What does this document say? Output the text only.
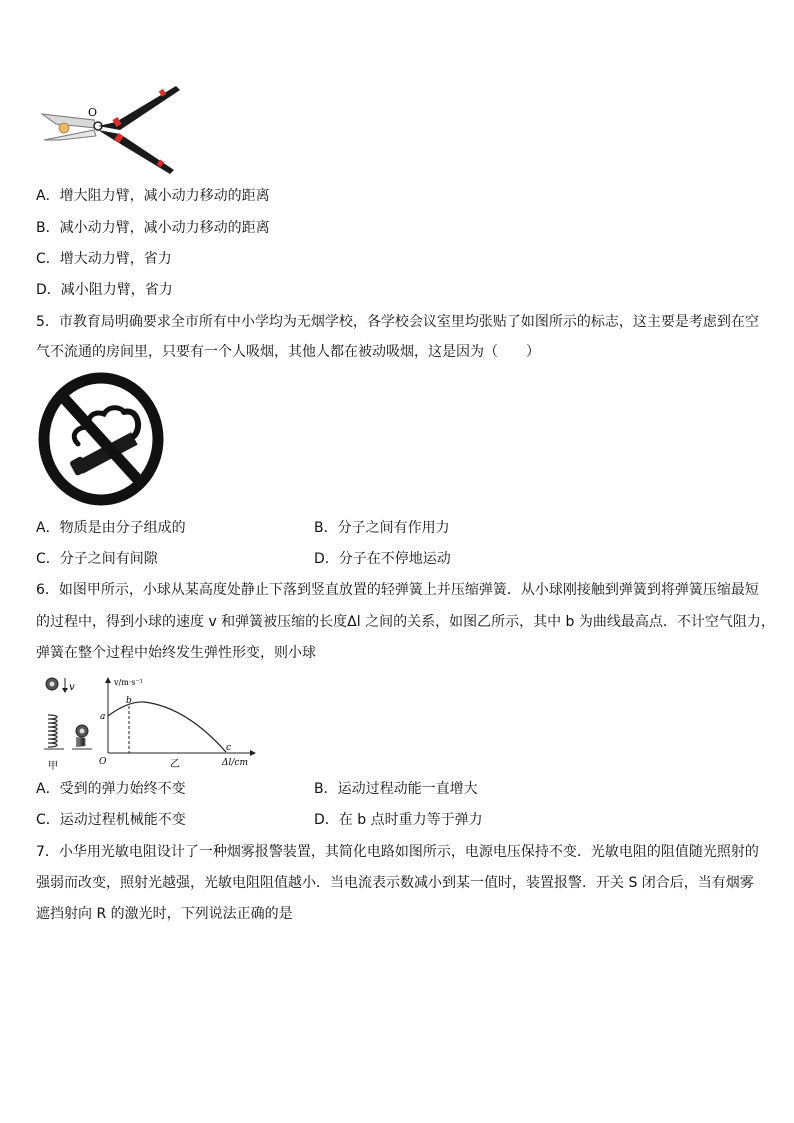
O
A．增大阻力臂，减小动力移动的距离
B．减小动力臂，减小动力移动的距离
C．增大动力臂，省力
D．减小阻力臂，省力
5．市教育局明确要求全市所有中小学均为无烟学校，各学校会议室里均张贴了如图所示的标志，这主要是考虑到在空
气不流通的房间里，只要有一个人吸烟，其他人都在被动吸烟，这是因为（　　）
A．物质是由分子组成的	B．分子之间有作用力
C．分子之间有间隙	D．分子在不停地运动
6．如图甲所示，小球从某高度处静止下落到竖直放置的轻弹簧上并压缩弹簧．从小球刚接触到弹簧到将弹簧压缩最短
的过程中，得到小球的速度 v 和弹簧被压缩的长度Δl 之间的关系，如图乙所示，其中 b 为曲线最高点．不计空气阻力，
弹簧在整个过程中始终发生弹性形变，则小球
v
甲
v/m·s⁻¹
Δl/cm
O
a
b
c
乙
A．受到的弹力始终不变	B．运动过程动能一直增大
C．运动过程机械能不变	D．在 b 点时重力等于弹力
7．小华用光敏电阻设计了一种烟雾报警装置，其简化电路如图所示，电源电压保持不变．光敏电阻的阻值随光照射的
强弱而改变，照射光越强，光敏电阻阻值越小．当电流表示数减小到某一值时，装置报警．开关 S 闭合后，当有烟雾
遮挡射向 R 的激光时，下列说法正确的是
